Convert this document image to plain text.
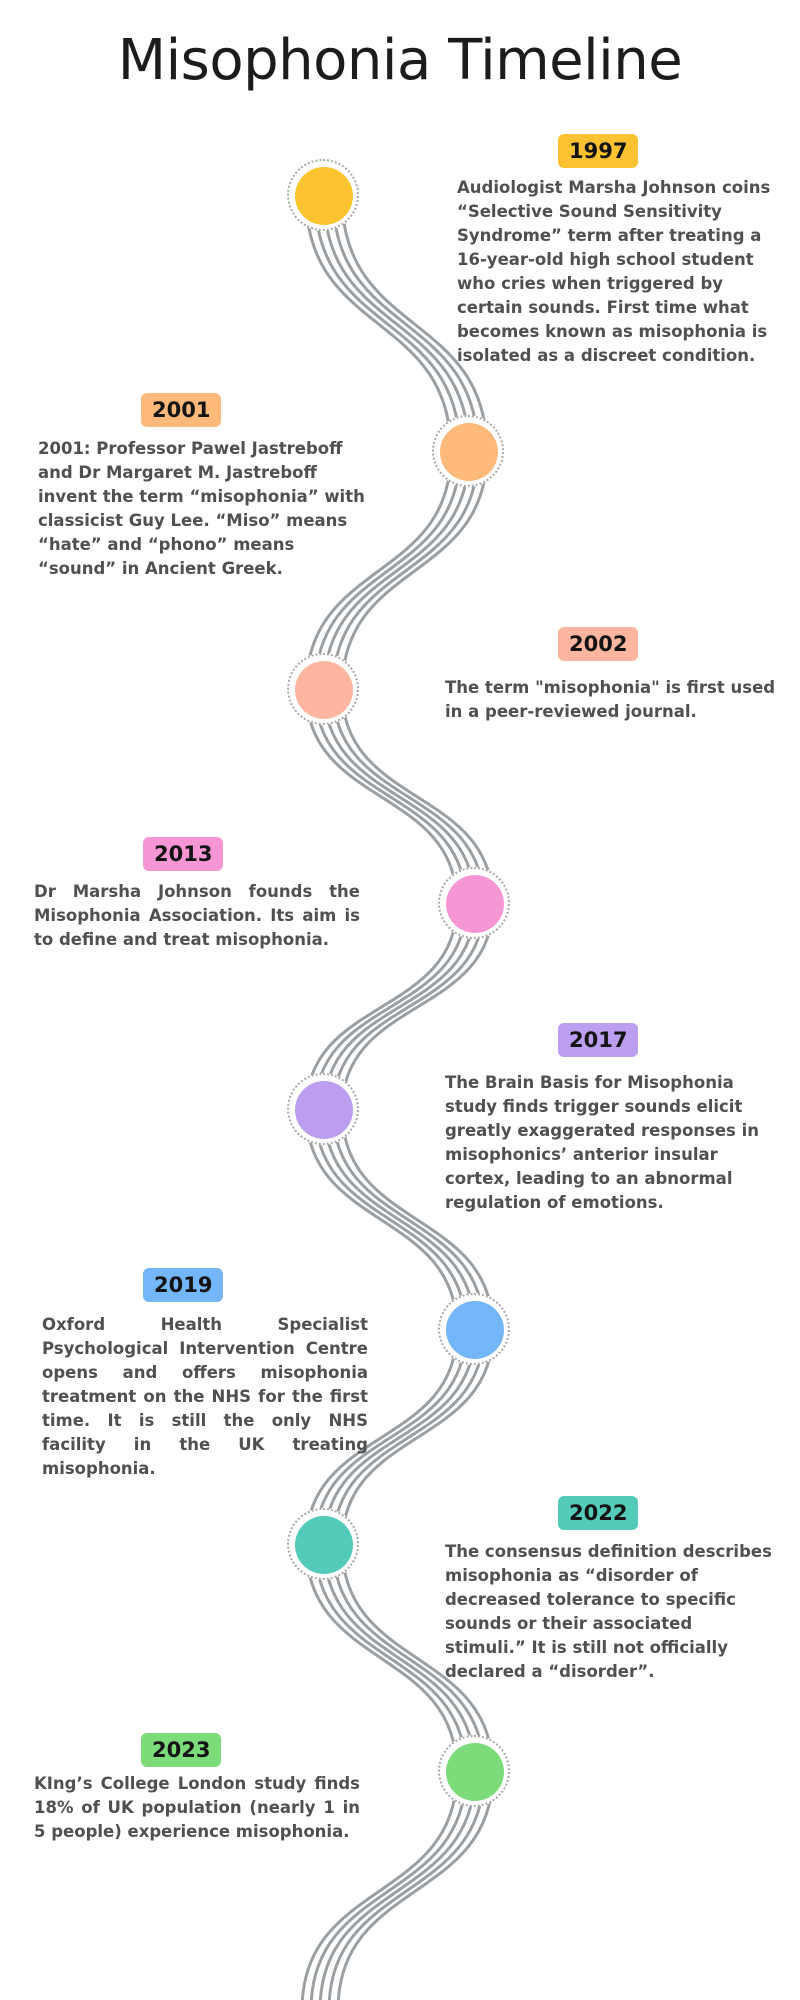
Misophonia Timeline
1997
2001
2002
2013
2017
2019
2022
2023

Audiologist Marsha Johnson coins “Selective Sound Sensitivity Syndrome” term after treating a 16-year-old high school student who cries when triggered by certain sounds. First time what becomes known as misophonia is isolated as a discreet condition.

2001: Professor Pawel Jastreboff and Dr Margaret M. Jastreboff invent the term “misophonia” with classicist Guy Lee. “Miso” means “hate” and “phono” means “sound” in Ancient Greek.

The term "misophonia" is first used in a peer-reviewed journal.

Dr Marsha Johnson founds the Misophonia Association. Its aim is to define and treat misophonia.

The Brain Basis for Misophonia study finds trigger sounds elicit greatly exaggerated responses in misophonics’ anterior insular cortex, leading to an abnormal regulation of emotions.

Oxford Health Specialist Psychological Intervention Centre opens and offers misophonia treatment on the NHS for the first time. It is still the only NHS facility in the UK treating misophonia.

The consensus definition describes misophonia as “disorder of decreased tolerance to specific sounds or their associated stimuli.” It is still not officially declared a “disorder”.

KIng’s College London study finds 18% of UK population (nearly 1 in 5 people) experience misophonia.
